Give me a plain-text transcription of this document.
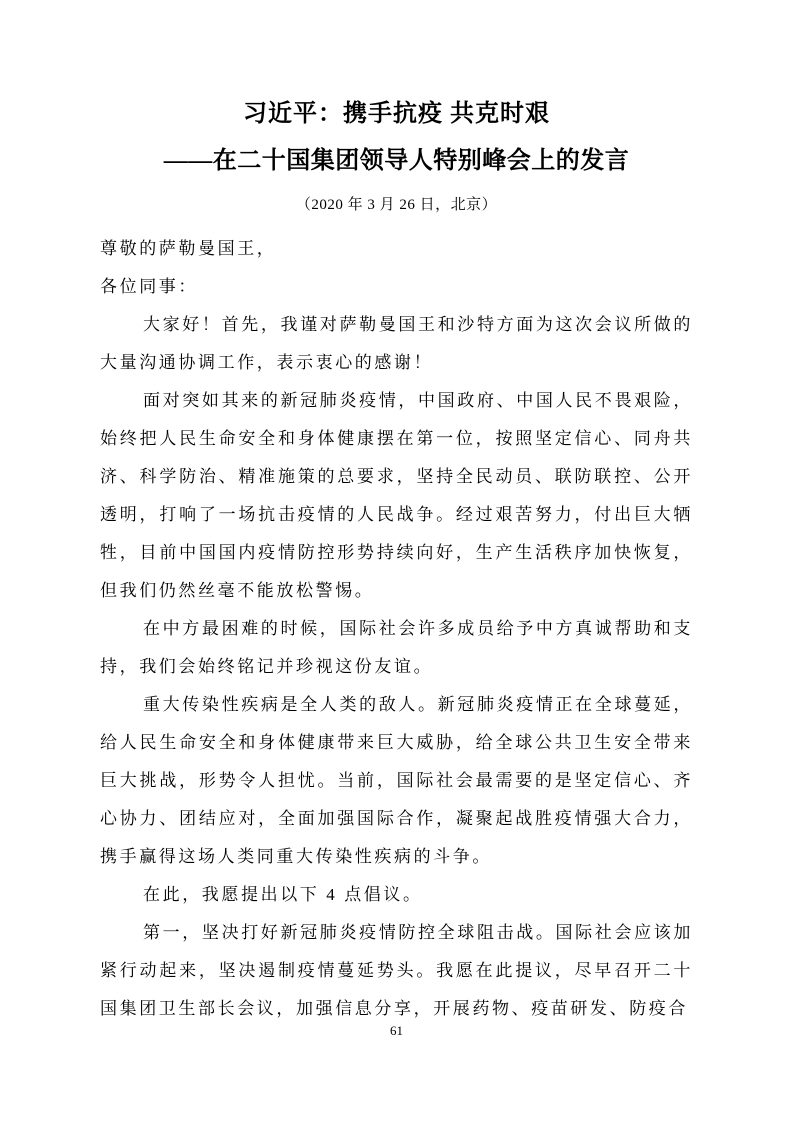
习近平：携手抗疫 共克时艰
——在二十国集团领导人特别峰会上的发言
（2020 年 3 月 26 日，北京）

尊敬的萨勒曼国王，

各位同事：

大家好！首先，我谨对萨勒曼国王和沙特方面为这次会议所做的大量沟通协调工作，表示衷心的感谢！

面对突如其来的新冠肺炎疫情，中国政府、中国人民不畏艰险，始终把人民生命安全和身体健康摆在第一位，按照坚定信心、同舟共济、科学防治、精准施策的总要求，坚持全民动员、联防联控、公开透明，打响了一场抗击疫情的人民战争。经过艰苦努力，付出巨大牺牲，目前中国国内疫情防控形势持续向好，生产生活秩序加快恢复，但我们仍然丝毫不能放松警惕。

在中方最困难的时候，国际社会许多成员给予中方真诚帮助和支持，我们会始终铭记并珍视这份友谊。

重大传染性疾病是全人类的敌人。新冠肺炎疫情正在全球蔓延，给人民生命安全和身体健康带来巨大威胁，给全球公共卫生安全带来巨大挑战，形势令人担忧。当前，国际社会最需要的是坚定信心、齐心协力、团结应对，全面加强国际合作，凝聚起战胜疫情强大合力，携手赢得这场人类同重大传染性疾病的斗争。

在此，我愿提出以下 4 点倡议。

第一，坚决打好新冠肺炎疫情防控全球阻击战。国际社会应该加紧行动起来，坚决遏制疫情蔓延势头。我愿在此提议，尽早召开二十国集团卫生部长会议，加强信息分享，开展药物、疫苗研发、防疫合

61
